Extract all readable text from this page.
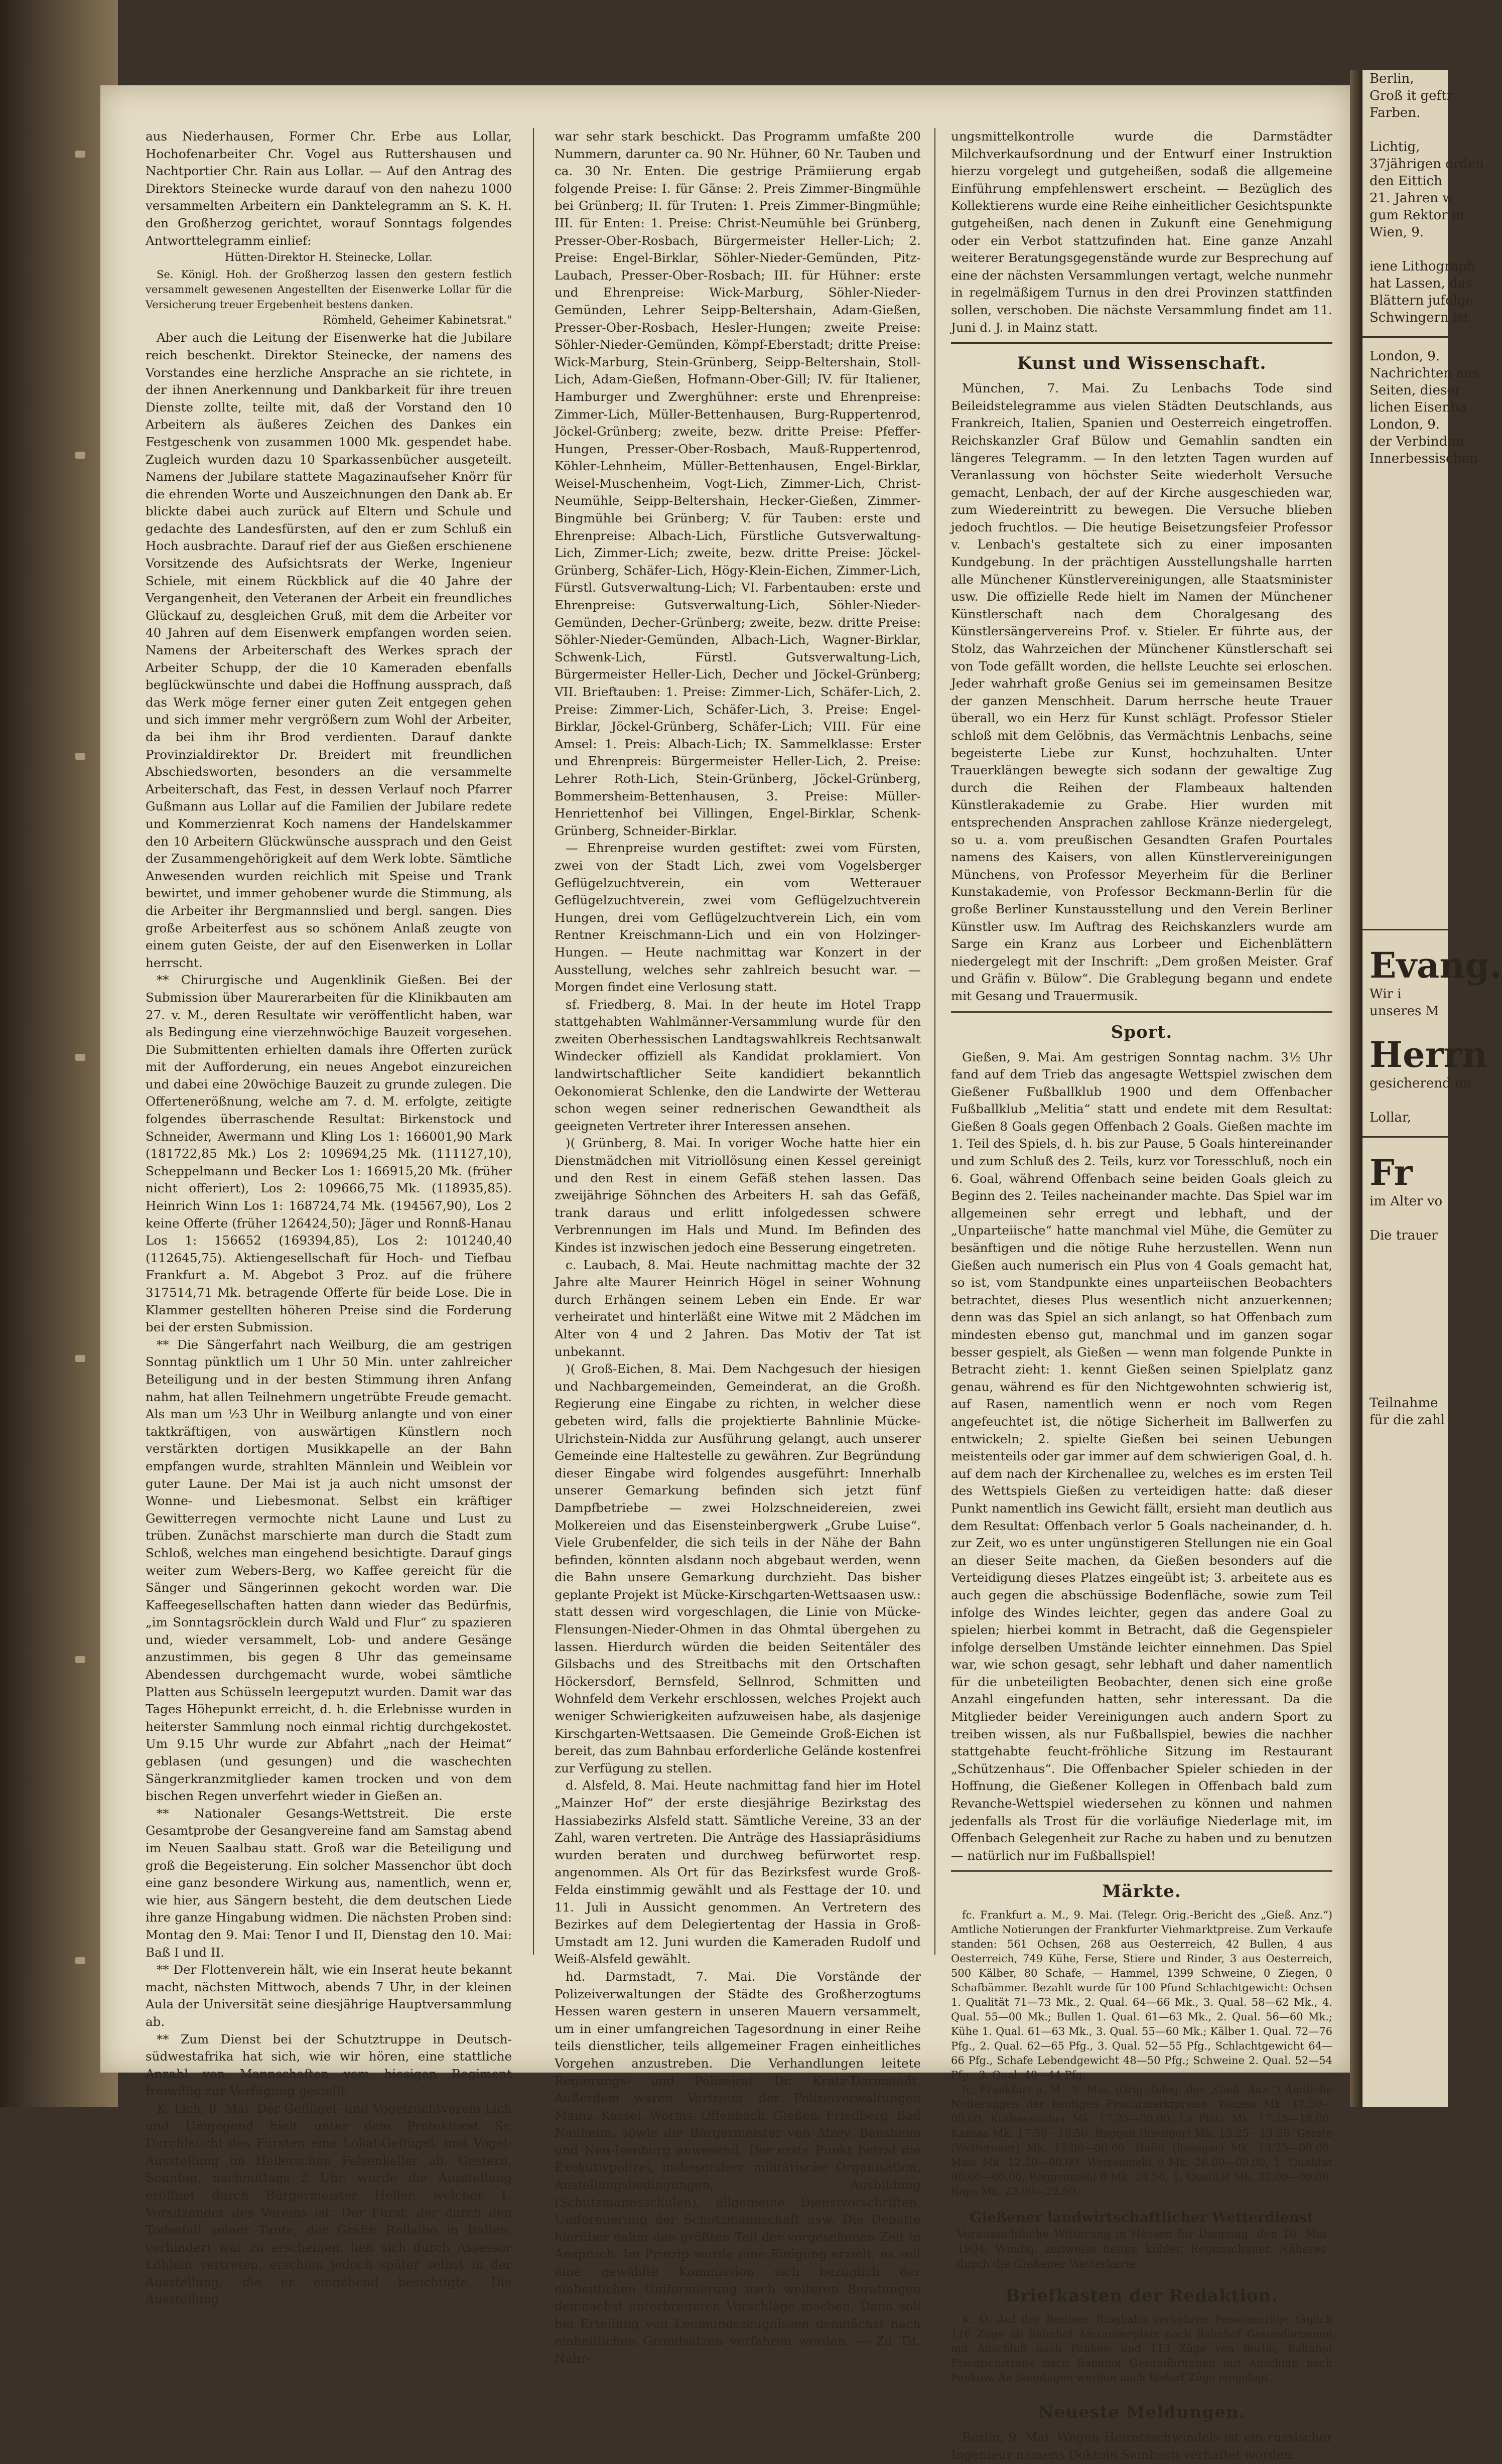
aus Niederhausen, Former Chr. Erbe aus Lollar, Hochofenarbeiter Chr. Vogel aus Ruttershausen und Nachtportier Chr. Rain aus Lollar. — Auf den Antrag des Direktors Steinecke wurde darauf von den nahezu 1000 versammelten Arbeitern ein Danktelegramm an S. K. H. den Großherzog gerichtet, worauf Sonntags folgendes Antworttelegramm einlief:

Hütten-Direktor H. Steinecke, Lollar.

Se. Königl. Hoh. der Großherzog lassen den gestern festlich versammelt gewesenen Angestellten der Eisenwerke Lollar für die Versicherung treuer Ergebenheit bestens danken.

Römheld, Geheimer Kabinetsrat."

Aber auch die Leitung der Eisenwerke hat die Jubilare reich beschenkt. Direktor Steinecke, der namens des Vorstandes eine herzliche Ansprache an sie richtete, in der ihnen Anerkennung und Dankbarkeit für ihre treuen Dienste zollte, teilte mit, daß der Vorstand den 10 Arbeitern als äußeres Zeichen des Dankes ein Festgeschenk von zusammen 1000 Mk. gespendet habe. Zugleich wurden dazu 10 Sparkassenbücher ausgeteilt. Namens der Jubilare stattete Magazinaufseher Knörr für die ehrenden Worte und Auszeichnungen den Dank ab. Er blickte dabei auch zurück auf Eltern und Schule und gedachte des Landesfürsten, auf den er zum Schluß ein Hoch ausbrachte. Darauf rief der aus Gießen erschienene Vorsitzende des Aufsichtsrats der Werke, Ingenieur Schiele, mit einem Rückblick auf die 40 Jahre der Vergangenheit, den Veteranen der Arbeit ein freundliches Glückauf zu, desgleichen Gruß, mit dem die Arbeiter vor 40 Jahren auf dem Eisenwerk empfangen worden seien. Namens der Arbeiterschaft des Werkes sprach der Arbeiter Schupp, der die 10 Kameraden ebenfalls beglückwünschte und dabei die Hoffnung aussprach, daß das Werk möge ferner einer guten Zeit entgegen gehen und sich immer mehr vergrößern zum Wohl der Arbeiter, da bei ihm ihr Brod verdienten. Darauf dankte Provinzialdirektor Dr. Breidert mit freundlichen Abschiedsworten, besonders an die versammelte Arbeiterschaft, das Fest, in dessen Verlauf noch Pfarrer Gußmann aus Lollar auf die Familien der Jubilare redete und Kommerzienrat Koch namens der Handelskammer den 10 Arbeitern Glückwünsche aussprach und den Geist der Zusammengehörigkeit auf dem Werk lobte. Sämtliche Anwesenden wurden reichlich mit Speise und Trank bewirtet, und immer gehobener wurde die Stimmung, als die Arbeiter ihr Bergmannslied und bergl. sangen. Dies große Arbeiterfest aus so schönem Anlaß zeugte von einem guten Geiste, der auf den Eisenwerken in Lollar herrscht.

** Chirurgische und Augenklinik Gießen. Bei der Submission über Maurerarbeiten für die Klinikbauten am 27. v. M., deren Resultate wir veröffentlicht haben, war als Bedingung eine vierzehnwöchige Bauzeit vorgesehen. Die Submittenten erhielten damals ihre Offerten zurück mit der Aufforderung, ein neues Angebot einzureichen und dabei eine 20wöchige Bauzeit zu grunde zulegen. Die Offertenerößnung, welche am 7. d. M. erfolgte, zeitigte folgendes überraschende Resultat: Birkenstock und Schneider, Awermann und Kling Los 1: 166001,90 Mark (181722,85 Mk.) Los 2: 109694,25 Mk. (111127,10), Scheppelmann und Becker Los 1: 166915,20 Mk. (früher nicht offeriert), Los 2: 109666,75 Mk. (118935,85). Heinrich Winn Los 1: 168724,74 Mk. (194567,90), Los 2 keine Offerte (früher 126424,50); Jäger und Ronnß-Hanau Los 1: 156652 (169394,85), Los 2: 101240,40 (112645,75). Aktiengesellschaft für Hoch- und Tiefbau Frankfurt a. M. Abgebot 3 Proz. auf die frühere 317514,71 Mk. betragende Offerte für beide Lose. Die in Klammer gestellten höheren Preise sind die Forderung bei der ersten Submission.

** Die Sängerfahrt nach Weilburg, die am gestrigen Sonntag pünktlich um 1 Uhr 50 Min. unter zahlreicher Beteiligung und in der besten Stimmung ihren Anfang nahm, hat allen Teilnehmern ungetrübte Freude gemacht. Als man um ½3 Uhr in Weilburg anlangte und von einer taktkräftigen, von auswärtigen Künstlern noch verstärkten dortigen Musikkapelle an der Bahn empfangen wurde, strahlten Männlein und Weiblein vor guter Laune. Der Mai ist ja auch nicht umsonst der Wonne- und Liebesmonat. Selbst ein kräftiger Gewitterregen vermochte nicht Laune und Lust zu trüben. Zunächst marschierte man durch die Stadt zum Schloß, welches man eingehend besichtigte. Darauf gings weiter zum Webers-Berg, wo Kaffee gereicht für die Sänger und Sängerinnen gekocht worden war. Die Kaffeegesellschaften hatten dann wieder das Bedürfnis, „im Sonntagsröcklein durch Wald und Flur“ zu spazieren und, wieder versammelt, Lob- und andere Gesänge anzustimmen, bis gegen 8 Uhr das gemeinsame Abendessen durchgemacht wurde, wobei sämtliche Platten aus Schüsseln leergeputzt wurden. Damit war das Tages Höhepunkt erreicht, d. h. die Erlebnisse wurden in heiterster Sammlung noch einmal richtig durchgekostet. Um 9.15 Uhr wurde zur Abfahrt „nach der Heimat“ geblasen (und gesungen) und die waschechten Sängerkranzmitglieder kamen trocken und von dem bischen Regen unverfehrt wieder in Gießen an.

** Nationaler Gesangs-Wettstreit. Die erste Gesamtprobe der Gesangvereine fand am Samstag abend im Neuen Saalbau statt. Groß war die Beteiligung und groß die Begeisterung. Ein solcher Massenchor übt doch eine ganz besondere Wirkung aus, namentlich, wenn er, wie hier, aus Sängern besteht, die dem deutschen Liede ihre ganze Hingabung widmen. Die nächsten Proben sind: Montag den 9. Mai: Tenor I und II, Dienstag den 10. Mai: Baß I und II.

** Der Flottenverein hält, wie ein Inserat heute bekannt macht, nächsten Mittwoch, abends 7 Uhr, in der kleinen Aula der Universität seine diesjährige Hauptversammlung ab.

** Zum Dienst bei der Schutztruppe in Deutsch-südwestafrika hat sich, wie wir hören, eine stattliche Anzahl von Mannschaften vom hiesigen Regiment freiwillig zur Verfügung gestellt.

K. Lich, 8. Mai. Der Geflügel- und Vogelzuchtverein Lich und Umgegend hielt unter dem Protektorat Sr. Durchlaucht des Fürsten eine Lokal-Geflügel- und Vogel-Ausstellung im Hellerschen Felsenkeller ab. Gestern, Sonntag, nachmittags 2 Uhr, wurde die Ausstellung eröffnet durch Bürgermeister Heller, welcher 1. Vorsitzender des Vereins ist. Der Fürst, der durch den Todesfall seiner Tante, der Gräfin Rollalbo in Italien, verhindert war zu erscheinen, ließ sich durch Assessor Löhlein vertreten, erschien jedoch später selbst in der Ausstellung, die er eingehend besichtigte. Die Ausstellung

war sehr stark beschickt. Das Programm umfaßte 200 Nummern, darunter ca. 90 Nr. Hühner, 60 Nr. Tauben und ca. 30 Nr. Enten. Die gestrige Prämiierung ergab folgende Preise: I. für Gänse: 2. Preis Zimmer-Bingmühle bei Grünberg; II. für Truten: 1. Preis Zimmer-Bingmühle; III. für Enten: 1. Preise: Christ-Neumühle bei Grünberg, Presser-Ober-Rosbach, Bürgermeister Heller-Lich; 2. Preise: Engel-Birklar, Söhler-Nieder-Gemünden, Pitz-Laubach, Presser-Ober-Rosbach; III. für Hühner: erste und Ehrenpreise: Wick-Marburg, Söhler-Nieder-Gemünden, Lehrer Seipp-Beltershain, Adam-Gießen, Presser-Ober-Rosbach, Hesler-Hungen; zweite Preise: Söhler-Nieder-Gemünden, Kömpf-Eberstadt; dritte Preise: Wick-Marburg, Stein-Grünberg, Seipp-Beltershain, Stoll-Lich, Adam-Gießen, Hofmann-Ober-Gill; IV. für Italiener, Hamburger und Zwerghühner: erste und Ehrenpreise: Zimmer-Lich, Müller-Bettenhausen, Burg-Ruppertenrod, Jöckel-Grünberg; zweite, bezw. dritte Preise: Pfeffer-Hungen, Presser-Ober-Rosbach, Mauß-Ruppertenrod, Köhler-Lehnheim, Müller-Bettenhausen, Engel-Birklar, Weisel-Muschenheim, Vogt-Lich, Zimmer-Lich, Christ-Neumühle, Seipp-Beltershain, Hecker-Gießen, Zimmer-Bingmühle bei Grünberg; V. für Tauben: erste und Ehrenpreise: Albach-Lich, Fürstliche Gutsverwaltung-Lich, Zimmer-Lich; zweite, bezw. dritte Preise: Jöckel-Grünberg, Schäfer-Lich, Högy-Klein-Eichen, Zimmer-Lich, Fürstl. Gutsverwaltung-Lich; VI. Farbentauben: erste und Ehrenpreise: Gutsverwaltung-Lich, Söhler-Nieder-Gemünden, Decher-Grünberg; zweite, bezw. dritte Preise: Söhler-Nieder-Gemünden, Albach-Lich, Wagner-Birklar, Schwenk-Lich, Fürstl. Gutsverwaltung-Lich, Bürgermeister Heller-Lich, Decher und Jöckel-Grünberg; VII. Brieftauben: 1. Preise: Zimmer-Lich, Schäfer-Lich, 2. Preise: Zimmer-Lich, Schäfer-Lich, 3. Preise: Engel-Birklar, Jöckel-Grünberg, Schäfer-Lich; VIII. Für eine Amsel: 1. Preis: Albach-Lich; IX. Sammelklasse: Erster und Ehrenpreis: Bürgermeister Heller-Lich, 2. Preise: Lehrer Roth-Lich, Stein-Grünberg, Jöckel-Grünberg, Bommersheim-Bettenhausen, 3. Preise: Müller-Henriettenhof bei Villingen, Engel-Birklar, Schenk-Grünberg, Schneider-Birklar.

— Ehrenpreise wurden gestiftet: zwei vom Fürsten, zwei von der Stadt Lich, zwei vom Vogelsberger Geflügelzuchtverein, ein vom Wetterauer Geflügelzuchtverein, zwei vom Geflügelzuchtverein Hungen, drei vom Geflügelzuchtverein Lich, ein vom Rentner Kreischmann-Lich und ein von Holzinger-Hungen. — Heute nachmittag war Konzert in der Ausstellung, welches sehr zahlreich besucht war. — Morgen findet eine Verlosung statt.

sf. Friedberg, 8. Mai. In der heute im Hotel Trapp stattgehabten Wahlmänner-Versammlung wurde für den zweiten Oberhessischen Landtagswahlkreis Rechtsanwalt Windecker offiziell als Kandidat proklamiert. Von landwirtschaftlicher Seite kandidiert bekanntlich Oekonomierat Schlenke, den die Landwirte der Wetterau schon wegen seiner rednerischen Gewandtheit als geeigneten Vertreter ihrer Interessen ansehen.

)( Grünberg, 8. Mai. In voriger Woche hatte hier ein Dienstmädchen mit Vitriollösung einen Kessel gereinigt und den Rest in einem Gefäß stehen lassen. Das zweijährige Söhnchen des Arbeiters H. sah das Gefäß, trank daraus und erlitt infolgedessen schwere Verbrennungen im Hals und Mund. Im Befinden des Kindes ist inzwischen jedoch eine Besserung eingetreten.

c. Laubach, 8. Mai. Heute nachmittag machte der 32 Jahre alte Maurer Heinrich Högel in seiner Wohnung durch Erhängen seinem Leben ein Ende. Er war verheiratet und hinterläßt eine Witwe mit 2 Mädchen im Alter von 4 und 2 Jahren. Das Motiv der Tat ist unbekannt.

)( Groß-Eichen, 8. Mai. Dem Nachgesuch der hiesigen und Nachbargemeinden, Gemeinderat, an die Großh. Regierung eine Eingabe zu richten, in welcher diese gebeten wird, falls die projektierte Bahnlinie Mücke-Ulrichstein-Nidda zur Ausführung gelangt, auch unserer Gemeinde eine Haltestelle zu gewähren. Zur Begründung dieser Eingabe wird folgendes ausgeführt: Innerhalb unserer Gemarkung befinden sich jetzt fünf Dampfbetriebe — zwei Holzschneidereien, zwei Molkereien und das Eisensteinbergwerk „Grube Luise“. Viele Grubenfelder, die sich teils in der Nähe der Bahn befinden, könnten alsdann noch abgebaut werden, wenn die Bahn unsere Gemarkung durchzieht. Das bisher geplante Projekt ist Mücke-Kirschgarten-Wettsaasen usw.: statt dessen wird vorgeschlagen, die Linie von Mücke-Flensungen-Nieder-Ohmen in das Ohmtal übergehen zu lassen. Hierdurch würden die beiden Seitentäler des Gilsbachs und des Streitbachs mit den Ortschaften Höckersdorf, Bernsfeld, Sellnrod, Schmitten und Wohnfeld dem Verkehr erschlossen, welches Projekt auch weniger Schwierigkeiten aufzuweisen habe, als dasjenige Kirschgarten-Wettsaasen. Die Gemeinde Groß-Eichen ist bereit, das zum Bahnbau erforderliche Gelände kostenfrei zur Verfügung zu stellen.

d. Alsfeld, 8. Mai. Heute nachmittag fand hier im Hotel „Mainzer Hof“ der erste diesjährige Bezirkstag des Hassiabezirks Alsfeld statt. Sämtliche Vereine, 33 an der Zahl, waren vertreten. Die Anträge des Hassiapräsidiums wurden beraten und durchweg befürwortet resp. angenommen. Als Ort für das Bezirksfest wurde Groß-Felda einstimmig gewählt und als Festtage der 10. und 11. Juli in Aussicht genommen. An Vertretern des Bezirkes auf dem Delegiertentag der Hassia in Groß-Umstadt am 12. Juni wurden die Kameraden Rudolf und Weiß-Alsfeld gewählt.

hd. Darmstadt, 7. Mai. Die Vorstände der Polizeiverwaltungen der Städte des Großherzogtums Hessen waren gestern in unseren Mauern versammelt, um in einer umfangreichen Tagesordnung in einer Reihe teils dienstlicher, teils allgemeiner Fragen einheitliches Vorgehen anzustreben. Die Verhandlungen leitete Regierungs- und Polizeirat Dr. Kratz-Darmstadt. Außerdem waren Vertreter der Polizeiverwaltungen Mainz, Kassel, Worms, Offenbach, Gießen, Friedberg, Bad Nauheim, sowie die Bürgermeister von Alzey, Bensheim und Neu-Isenburg anwesend. Der erste Punkt betraf die Exekutivpolizei, insbesondere militärische Organisation, Anstellungsbedingungen, Ausbildung (Schutzmannsschulen), allgemeine Dienstvorschriften, Uniformierung der Schutzmannschaft usw. Die Debatte hierüber nahm den größten Teil der vorgesehenen Zeit in Anspruch. Im Prinzip wurde eine Einigung erzielt; es soll eine gewählte Kommission sich bezüglich der einheitlichen Uniformierung nach weiteren Beratungen demnächst unterbreiteten Vorschläge machen. Dann soll bei Erteilung von Leumundszeugnissen demnächst nach einheitlichen Grundsätzen verfahren werden. — Zu Tit. Nahr-

ungsmittelkontrolle wurde die Darmstädter Milchverkaufsordnung und der Entwurf einer Instruktion hierzu vorgelegt und gutgeheißen, sodaß die allgemeine Einführung empfehlenswert erscheint. — Bezüglich des Kollektierens wurde eine Reihe einheitlicher Gesichtspunkte gutgeheißen, nach denen in Zukunft eine Genehmigung oder ein Verbot stattzufinden hat. Eine ganze Anzahl weiterer Beratungsgegenstände wurde zur Besprechung auf eine der nächsten Versammlungen vertagt, welche nunmehr in regelmäßigem Turnus in den drei Provinzen stattfinden sollen, verschoben. Die nächste Versammlung findet am 11. Juni d. J. in Mainz statt.

Kunst und Wissenschaft.

München, 7. Mai. Zu Lenbachs Tode sind Beileidstelegramme aus vielen Städten Deutschlands, aus Frankreich, Italien, Spanien und Oesterreich eingetroffen. Reichskanzler Graf Bülow und Gemahlin sandten ein längeres Telegramm. — In den letzten Tagen wurden auf Veranlassung von höchster Seite wiederholt Versuche gemacht, Lenbach, der auf der Kirche ausgeschieden war, zum Wiedereintritt zu bewegen. Die Versuche blieben jedoch fruchtlos. — Die heutige Beisetzungsfeier Professor v. Lenbach's gestaltete sich zu einer imposanten Kundgebung. In der prächtigen Ausstellungshalle harrten alle Münchener Künstlervereinigungen, alle Staatsminister usw. Die offizielle Rede hielt im Namen der Münchener Künstlerschaft nach dem Choralgesang des Künstlersängervereins Prof. v. Stieler. Er führte aus, der Stolz, das Wahrzeichen der Münchener Künstlerschaft sei von Tode gefällt worden, die hellste Leuchte sei erloschen. Jeder wahrhaft große Genius sei im gemeinsamen Besitze der ganzen Menschheit. Darum herrsche heute Trauer überall, wo ein Herz für Kunst schlägt. Professor Stieler schloß mit dem Gelöbnis, das Vermächtnis Lenbachs, seine begeisterte Liebe zur Kunst, hochzuhalten. Unter Trauerklängen bewegte sich sodann der gewaltige Zug durch die Reihen der Flambeaux haltenden Künstlerakademie zu Grabe. Hier wurden mit entsprechenden Ansprachen zahllose Kränze niedergelegt, so u. a. vom preußischen Gesandten Grafen Pourtales namens des Kaisers, von allen Künstlervereinigungen Münchens, von Professor Meyerheim für die Berliner Kunstakademie, von Professor Beckmann-Berlin für die große Berliner Kunstausstellung und den Verein Berliner Künstler usw. Im Auftrag des Reichskanzlers wurde am Sarge ein Kranz aus Lorbeer und Eichenblättern niedergelegt mit der Inschrift: „Dem großen Meister. Graf und Gräfin v. Bülow“. Die Grablegung begann und endete mit Gesang und Trauermusik.

Sport.

Gießen, 9. Mai. Am gestrigen Sonntag nachm. 3½ Uhr fand auf dem Trieb das angesagte Wettspiel zwischen dem Gießener Fußballklub 1900 und dem Offenbacher Fußballklub „Melitia“ statt und endete mit dem Resultat: Gießen 8 Goals gegen Offenbach 2 Goals. Gießen machte im 1. Teil des Spiels, d. h. bis zur Pause, 5 Goals hintereinander und zum Schluß des 2. Teils, kurz vor Toresschluß, noch ein 6. Goal, während Offenbach seine beiden Goals gleich zu Beginn des 2. Teiles nacheinander machte. Das Spiel war im allgemeinen sehr erregt und lebhaft, und der „Unparteiische“ hatte manchmal viel Mühe, die Gemüter zu besänftigen und die nötige Ruhe herzustellen. Wenn nun Gießen auch numerisch ein Plus von 4 Goals gemacht hat, so ist, vom Standpunkte eines unparteiischen Beobachters betrachtet, dieses Plus wesentlich nicht anzuerkennen; denn was das Spiel an sich anlangt, so hat Offenbach zum mindesten ebenso gut, manchmal und im ganzen sogar besser gespielt, als Gießen — wenn man folgende Punkte in Betracht zieht: 1. kennt Gießen seinen Spielplatz ganz genau, während es für den Nichtgewohnten schwierig ist, auf Rasen, namentlich wenn er noch vom Regen angefeuchtet ist, die nötige Sicherheit im Ballwerfen zu entwickeln; 2. spielte Gießen bei seinen Uebungen meistenteils oder gar immer auf dem schwierigen Goal, d. h. auf dem nach der Kirchenallee zu, welches es im ersten Teil des Wettspiels Gießen zu verteidigen hatte: daß dieser Punkt namentlich ins Gewicht fällt, ersieht man deutlich aus dem Resultat: Offenbach verlor 5 Goals nacheinander, d. h. zur Zeit, wo es unter ungünstigeren Stellungen nie ein Goal an dieser Seite machen, da Gießen besonders auf die Verteidigung dieses Platzes eingeübt ist; 3. arbeitete aus es auch gegen die abschüssige Bodenfläche, sowie zum Teil infolge des Windes leichter, gegen das andere Goal zu spielen; hierbei kommt in Betracht, daß die Gegenspieler infolge derselben Umstände leichter einnehmen. Das Spiel war, wie schon gesagt, sehr lebhaft und daher namentlich für die unbeteiligten Beobachter, denen sich eine große Anzahl eingefunden hatten, sehr interessant. Da die Mitglieder beider Vereinigungen auch andern Sport zu treiben wissen, als nur Fußballspiel, bewies die nachher stattgehabte feucht-fröhliche Sitzung im Restaurant „Schützenhaus“. Die Offenbacher Spieler schieden in der Hoffnung, die Gießener Kollegen in Offenbach bald zum Revanche-Wettspiel wiedersehen zu können und nahmen jedenfalls als Trost für die vorläufige Niederlage mit, im Offenbach Gelegenheit zur Rache zu haben und zu benutzen — natürlich nur im Fußballspiel!

Märkte.

fc. Frankfurt a. M., 9. Mai. (Telegr. Orig.-Bericht des „Gieß. Anz.“) Amtliche Notierungen der Frankfurter Viehmarktpreise. Zum Verkaufe standen: 561 Ochsen, 268 aus Oesterreich, 42 Bullen, 4 aus Oesterreich, 749 Kühe, Ferse, Stiere und Rinder, 3 aus Oesterreich, 500 Kälber, 80 Schafe, — Hammel, 1399 Schweine, 0 Ziegen, 0 Schafbämmer. Bezahlt wurde für 100 Pfund Schlachtgewicht: Ochsen 1. Qualität 71—73 Mk., 2. Qual. 64—66 Mk., 3. Qual. 58—62 Mk., 4. Qual. 55—00 Mk.; Bullen 1. Qual. 61—63 Mk., 2. Qual. 56—60 Mk.; Kühe 1. Qual. 61—63 Mk., 3. Qual. 55—60 Mk.; Kälber 1. Qual. 72—76 Pfg., 2. Qual. 62—65 Pfg., 3. Qual. 52—55 Pfg., Schlachtgewicht 64—66 Pfg., Schafe Lebendgewicht 48—50 Pfg.; Schweine 2. Qual. 52—54 Pfg., 3. Qual. 40—44 Pfg.

fc. Frankfurt a. M., 9. Mai. (Orig.-Teleg. des „Gieß. Anz.“) Amtliche Notierungen der heutigen Fruchtmarktpreise. Weizen Mk. 17.50—00.00, Kurhessischer Mk. 17.25—00.00, La Plata Mk. 17.25—18.00, Kansas Mk. 17.50—18.50, Roggen (hiesiger) Mk. 13.25—13.50, Gerste (Wetterauer) Mk. 15.00—00.00, Hafer (hiesiger) Mk. 13.25—00.00, Mais Mk. 12.50—00.00, Weizenmehl 0 Mk. 26.00—00.00, 1. Qualität 00.00—00.00, Roggenmehl 0 Mk. 24.50, 1. Qualität Mk. 22.00—00.00, Raps Mk. 22.00—22.50.

Gießener landwirtschaftlicher Wetterdienst

Voraussichtliche Witterung in Hessen für Dienstag, den 10. Mai 1904: Windig, zeitweise heiter, kühler, Regenschauer. Näheres durch die Gießener Wetterkarte.

Briefkasten der Redaktion.

K. O. Auf der Berliner Ringbahn verkehren Personenzüge täglich 110 Züge ab Bahnhof Alexanderplatz nach Bahnhof Gesundbrunnen mit Anschluß nach Pankow und 113 Züge von Berlin, Bahnhof Friedrichstraße nach Bahnhof Gesundbrunnen mit Anschluß nach Pankow. An Sonntagen werden nach Bedarf Züge eingelegt.

Neueste Meldungen.

Berlin, 9. Mai. Wegen Heiratsschwindels ist ein russischer Ingenieur namens Doktoin Sambosti verhaftet worden.

Berlin,

Groß it geftr

Farben.

Lichtig,

37jährigen orden

den Eittich

21. Jahren w

gum Rektor in

Wien, 9.

iene Lithograph

hat Lassen, das

Blättern jufolge

Schwingern ist

London, 9.

Nachrichten aus

Seiten, dieser

lichen Eisenba

London, 9.

der Verbindun

Innerbessischen

Evang.

Wir i

unseres M

Herrn

gesicherend im

Lollar,

Fr

im Alter vo

Die trauer

Teilnahme

für die zahl
